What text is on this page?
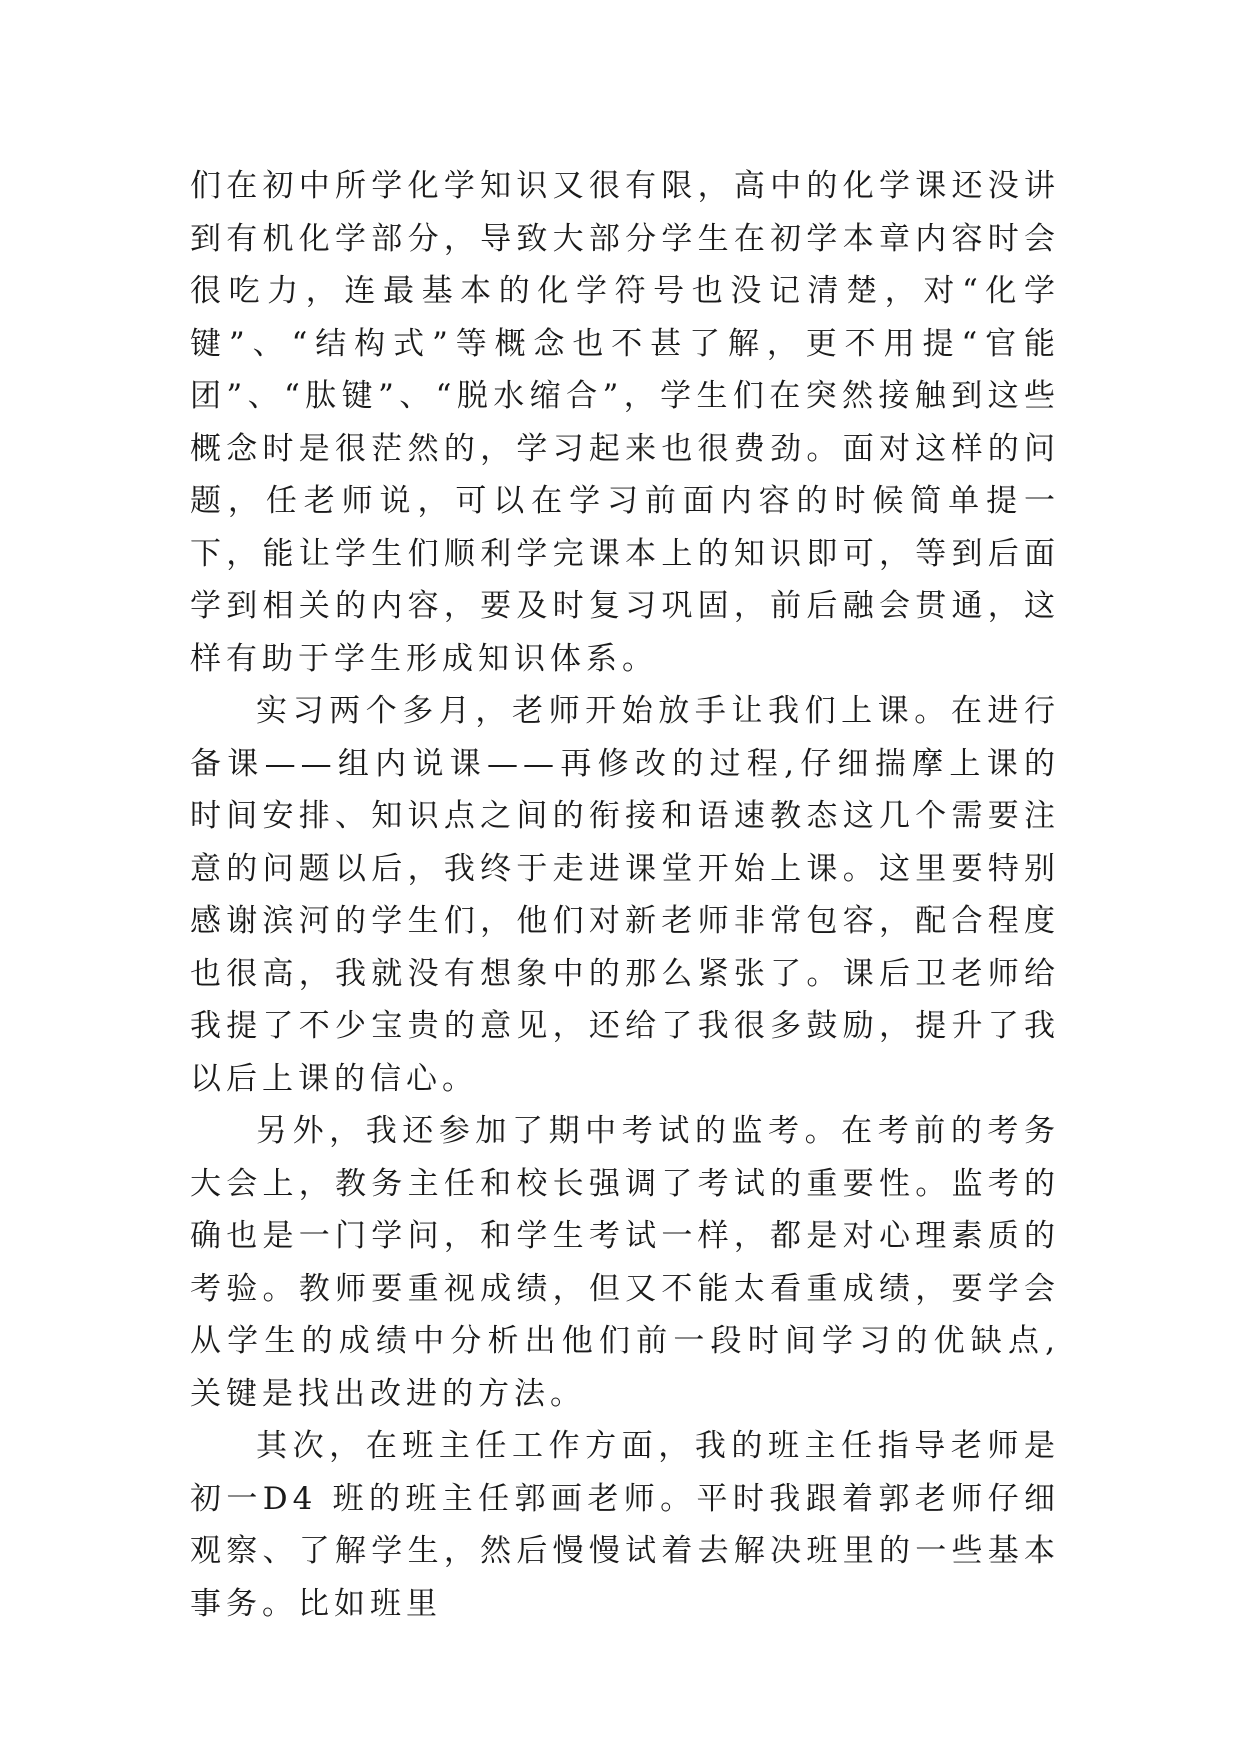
们在初中所学化学知识又很有限，高中的化学课还没讲到有机化学部分，导致大部分学生在初学本章内容时会很吃力，连最基本的化学符号也没记清楚，对“化学键”、“结构式”等概念也不甚了解，更不用提“官能团”、“肽键”、“脱水缩合”，学生们在突然接触到这些概念时是很茫然的，学习起来也很费劲。面对这样的问题，任老师说，可以在学习前面内容的时候简单提一下，能让学生们顺利学完课本上的知识即可，等到后面学到相关的内容，要及时复习巩固，前后融会贯通，这样有助于学生形成知识体系。

实习两个多月，老师开始放手让我们上课。在进行备课——组内说课——再修改的过程,仔细揣摩上课的时间安排、知识点之间的衔接和语速教态这几个需要注意的问题以后，我终于走进课堂开始上课。这里要特别感谢滨河的学生们，他们对新老师非常包容，配合程度也很高，我就没有想象中的那么紧张了。课后卫老师给我提了不少宝贵的意见，还给了我很多鼓励，提升了我以后上课的信心。

另外，我还参加了期中考试的监考。在考前的考务大会上，教务主任和校长强调了考试的重要性。监考的确也是一门学问，和学生考试一样，都是对心理素质的考验。教师要重视成绩，但又不能太看重成绩，要学会从学生的成绩中分析出他们前一段时间学习的优缺点,关键是找出改进的方法。

其次，在班主任工作方面，我的班主任指导老师是初一D4 班的班主任郭画老师。平时我跟着郭老师仔细观察、了解学生，然后慢慢试着去解决班里的一些基本事务。比如班里
